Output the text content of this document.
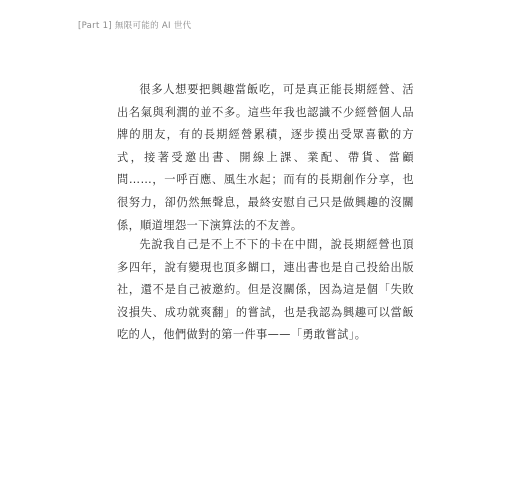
[Part 1] 無限可能的 AI 世代

很多人想要把興趣當飯吃，可是真正能長期經營、活出名氣與利潤的並不多。這些年我也認識不少經營個人品牌的朋友，有的長期經營累積，逐步摸出受眾喜歡的方式，接著受邀出書、開線上課、業配、帶貨、當顧問……，一呼百應、風生水起；而有的長期創作分享，也很努力，卻仍然無聲息，最終安慰自己只是做興趣的沒關係，順道埋怨一下演算法的不友善。

先說我自己是不上不下的卡在中間，說長期經營也頂多四年，說有變現也頂多餬口，連出書也是自己投給出版社，還不是自己被邀約。但是沒關係，因為這是個「失敗沒損失、成功就爽翻」的嘗試，也是我認為興趣可以當飯吃的人，他們做對的第一件事——「勇敢嘗試」。
